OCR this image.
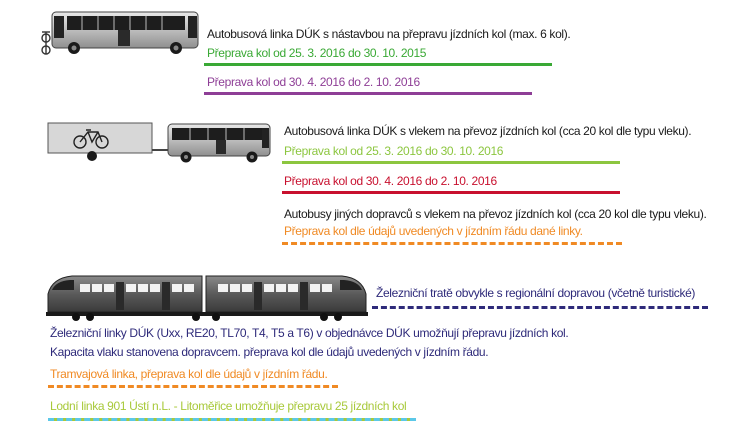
Autobusová linka DÚK s nástavbou na přepravu jízdních kol (max. 6 kol).
Přeprava kol od 25. 3. 2016 do 30. 10. 2015
Přeprava kol od 30. 4. 2016 do 2. 10. 2016
Autobusová linka DÚK s vlekem na převoz jízdních kol (cca 20 kol dle typu vleku).
Přeprava kol od 25. 3. 2016 do 30. 10. 2016
Přeprava kol od 30. 4. 2016 do 2. 10. 2016
Autobusy jiných dopravců s vlekem na převoz jízdních kol (cca 20 kol dle typu vleku).
Přeprava kol dle údajů uvedených v jízdním řádu dané linky.
Železniční tratě obvykle s regionální dopravou (včetně turistické)
Železniční linky DÚK (Uxx, RE20, TL70, T4, T5 a T6) v objednávce DÚK umožňují přepravu jízdních kol.
Kapacita vlaku stanovena dopravcem. přeprava kol dle údajů uvedených v jízdním řádu.
Tramvajová linka, přeprava kol dle údajů v jízdním řádu.
Lodní linka 901 Ústí n.L. - Litoměřice umožňuje přepravu 25 jízdních kol
